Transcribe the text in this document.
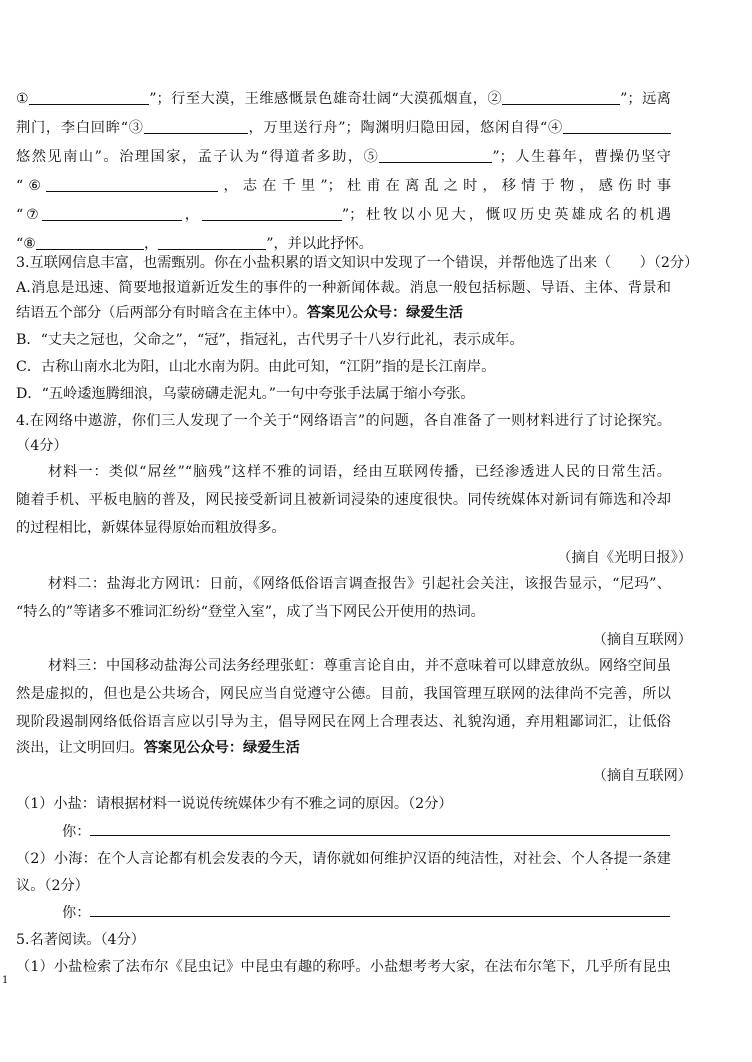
①	”；行至大漠，王维感慨景色雄奇壮阔“大漠孤烟直，②	”；远离
荆门，李白回眸“③	，万里送行舟”；陶渊明归隐田园，悠闲自得“④
悠然见南山”。治理国家，孟子认为“得道者多助，⑤	”；人生暮年，曹操仍坚守
“⑥	，志在千里”；杜甫在离乱之时，移情于物，感伤时事
“⑦	，	”；杜牧以小见大，慨叹历史英雄成名的机遇
“⑧	，	”，并以此抒怀。
3.互联网信息丰富，也需甄别。你在小盐积累的语文知识中发现了一个错误，并帮他选了出来（　　）（2分）
A.消息是迅速、简要地报道新近发生的事件的一种新闻体裁。消息一般包括标题、导语、主体、背景和
结语五个部分（后两部分有时暗含在主体中）。答案见公众号：绿爱生活
B．“丈夫之冠也，父命之”，“冠”，指冠礼，古代男子十八岁行此礼，表示成年。
C．古称山南水北为阳，山北水南为阴。由此可知，“江阴”指的是长江南岸。
D．“五岭逶迤腾细浪，乌蒙磅礴走泥丸。”一句中夸张手法属于缩小夸张。
4.在网络中遨游，你们三人发现了一个关于“网络语言”的问题，各自准备了一则材料进行了讨论探究。
（4分）
材料一：类似“屌丝”“脑残”这样不雅的词语，经由互联网传播，已经渗透进人民的日常生活。
随着手机、平板电脑的普及，网民接受新词且被新词浸染的速度很快。同传统媒体对新词有筛选和冷却
的过程相比，新媒体显得原始而粗放得多。
（摘自《光明日报》）
材料二：盐海北方网讯：日前，《网络低俗语言调查报告》引起社会关注，该报告显示，“尼玛”、
“特么的”等诸多不雅词汇纷纷“登堂入室”，成了当下网民公开使用的热词。
（摘自互联网）
材料三：中国移动盐海公司法务经理张虹：尊重言论自由，并不意味着可以肆意放纵。网络空间虽
然是虚拟的，但也是公共场合，网民应当自觉遵守公德。目前，我国管理互联网的法律尚不完善，所以
现阶段遏制网络低俗语言应以引导为主，倡导网民在网上合理表达、礼貌沟通，弃用粗鄙词汇，让低俗
淡出，让文明回归。答案见公众号：绿爱生活
（摘自互联网）
（1）小盐：请根据材料一说说传统媒体少有不雅之词的原因。（2分）
你：
（2）小海：在个人言论都有机会发表的今天，请你就如何维护汉语的纯洁性，对社会、个人各提一条建
·
议。（2分）
你：
5.名著阅读。（4分）
（1）小盐检索了法布尔《昆虫记》中昆虫有趣的称呼。小盐想考考大家，在法布尔笔下，几乎所有昆虫
1
